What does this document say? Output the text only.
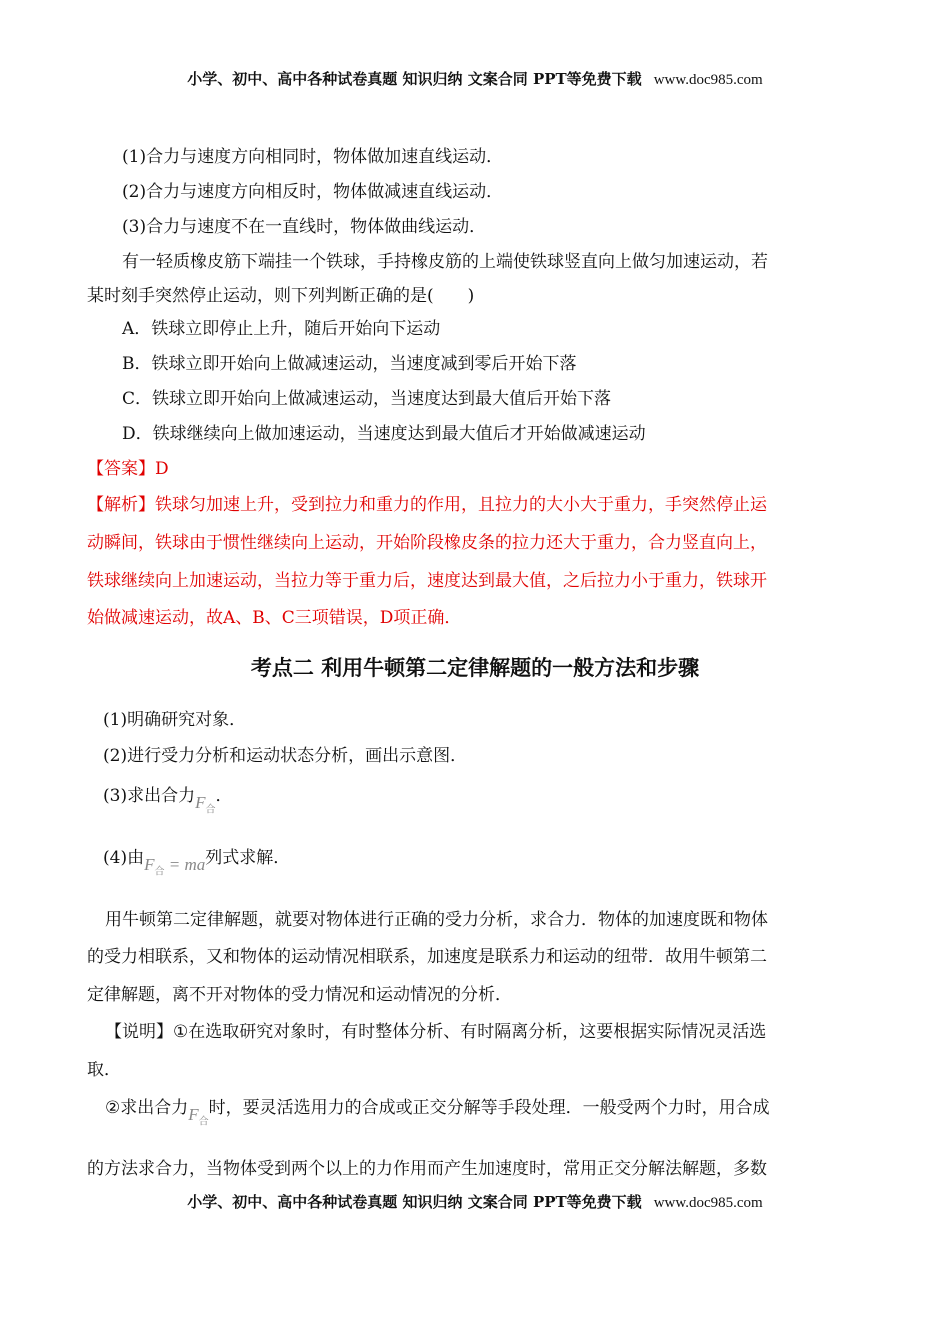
小学、初中、高中各种试卷真题 知识归纳 文案合同 PPT等免费下载 www.doc985.com
(1)合力与速度方向相同时，物体做加速直线运动．
(2)合力与速度方向相反时，物体做减速直线运动．
(3)合力与速度不在一直线时，物体做曲线运动．
有一轻质橡皮筋下端挂一个铁球，手持橡皮筋的上端使铁球竖直向上做匀加速运动，若
某时刻手突然停止运动，则下列判断正确的是(　　)
A．铁球立即停止上升，随后开始向下运动
B．铁球立即开始向上做减速运动，当速度减到零后开始下落
C．铁球立即开始向上做减速运动，当速度达到最大值后开始下落
D．铁球继续向上做加速运动，当速度达到最大值后才开始做减速运动
【答案】D
【解析】铁球匀加速上升，受到拉力和重力的作用，且拉力的大小大于重力，手突然停止运
动瞬间，铁球由于惯性继续向上运动，开始阶段橡皮条的拉力还大于重力，合力竖直向上，
铁球继续向上加速运动，当拉力等于重力后，速度达到最大值，之后拉力小于重力，铁球开
始做减速运动，故A、B、C三项错误，D项正确．
考点二 利用牛顿第二定律解题的一般方法和步骤
(1)明确研究对象．
(2)进行受力分析和运动状态分析，画出示意图．
(3)求出合力$F_合$．
(4)由$F_合$ = ma列式求解．
用牛顿第二定律解题，就要对物体进行正确的受力分析，求合力．物体的加速度既和物体
的受力相联系，又和物体的运动情况相联系，加速度是联系力和运动的纽带．故用牛顿第二
定律解题，离不开对物体的受力情况和运动情况的分析．
【说明】①在选取研究对象时，有时整体分析、有时隔离分析，这要根据实际情况灵活选
取．
②求出合力$F_合$时，要灵活选用力的合成或正交分解等手段处理．一般受两个力时，用合成
的方法求合力，当物体受到两个以上的力作用而产生加速度时，常用正交分解法解题，多数
小学、初中、高中各种试卷真题 知识归纳 文案合同 PPT等免费下载 www.doc985.com
